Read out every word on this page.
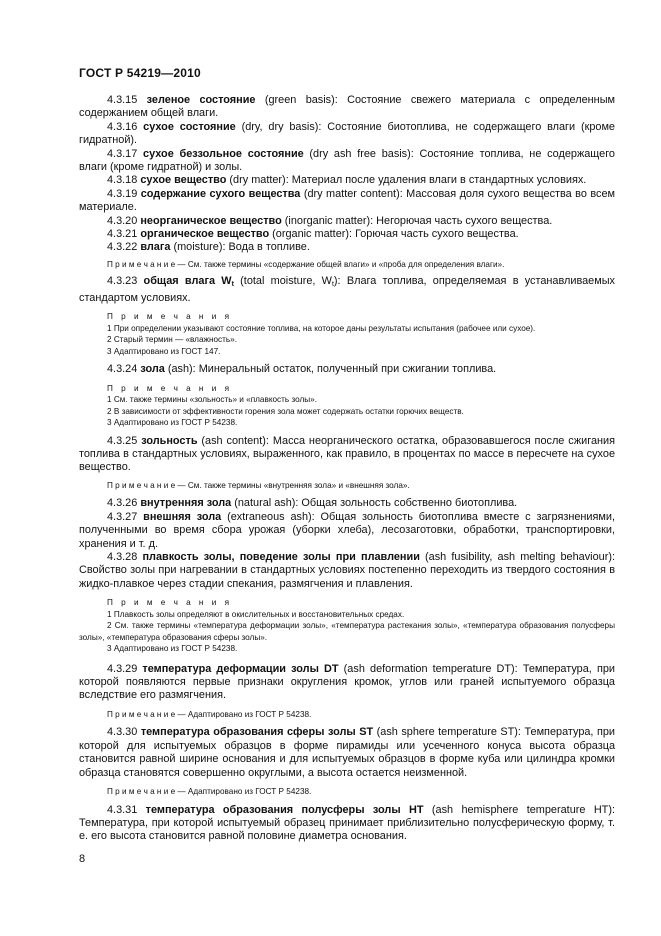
ГОСТ Р 54219—2010

4.3.15 зеленое состояние (green basis): Состояние свежего материала с определенным содержанием общей влаги.

4.3.16 сухое состояние (dry, dry basis): Состояние биотоплива, не содержащего влаги (кроме гидратной).

4.3.17 сухое беззольное состояние (dry ash free basis): Состояние топлива, не содержащего влаги (кроме гидратной) и золы.

4.3.18 сухое вещество (dry matter): Материал после удаления влаги в стандартных условиях.

4.3.19 содержание сухого вещества (dry matter content): Массовая доля сухого вещества во всем материале.

4.3.20 неорганическое вещество (inorganic matter): Негорючая часть сухого вещества.

4.3.21 органическое вещество (organic matter): Горючая часть сухого вещества.

4.3.22 влага (moisture): Вода в топливе.

П р и м е ч а н и е — См. также термины «содержание общей влаги» и «проба для определения влаги».

4.3.23 общая влага $W_t$ (total moisture, $W_t$): Влага топлива, определяемая в устанавливаемых стандартом условиях.

П р и м е ч а н и я
1 При определении указывают состояние топлива, на которое даны результаты испытания (рабочее или сухое).
2 Старый термин — «влажность».
3 Адаптировано из ГОСТ 147.

4.3.24 зола (ash): Минеральный остаток, полученный при сжигании топлива.

П р и м е ч а н и я
1 См. также термины «зольность» и «плавкость золы».
2 В зависимости от эффективности горения зола может содержать остатки горючих веществ.
3 Адаптировано из ГОСТ Р 54238.

4.3.25 зольность (ash content): Масса неорганического остатка, образовавшегося после сжигания топлива в стандартных условиях, выраженного, как правило, в процентах по массе в пересчете на сухое вещество.

П р и м е ч а н и е — См. также термины «внутренняя зола» и «внешняя зола».

4.3.26 внутренняя зола (natural ash): Общая зольность собственно биотоплива.

4.3.27 внешняя зола (extraneous ash): Общая зольность биотоплива вместе с загрязнениями, полученными во время сбора урожая (уборки хлеба), лесозаготовки, обработки, транспортировки, хранения и т. д.

4.3.28 плавкость золы, поведение золы при плавлении (ash fusibility, ash melting behaviour): Свойство золы при нагревании в стандартных условиях постепенно переходить из твердого состояния в жидко-плавкое через стадии спекания, размягчения и плавления.

П р и м е ч а н и я
1 Плавкость золы определяют в окислительных и восстановительных средах.
2 См. также термины «температура деформации золы», «температура растекания золы», «температура образования полусферы золы», «температура образования сферы золы».
3 Адаптировано из ГОСТ Р 54238.

4.3.29 температура деформации золы DT (ash deformation temperature DT): Температура, при которой появляются первые признаки округления кромок, углов или граней испытуемого образца вследствие его размягчения.

П р и м е ч а н и е — Адаптировано из ГОСТ Р 54238.

4.3.30 температура образования сферы золы ST (ash sphere temperature ST): Температура, при которой для испытуемых образцов в форме пирамиды или усеченного конуса высота образца становится равной ширине основания и для испытуемых образцов в форме куба или цилиндра кромки образца становятся совершенно округлыми, а высота остается неизменной.

П р и м е ч а н и е — Адаптировано из ГОСТ Р 54238.

4.3.31 температура образования полусферы золы HT (ash hemisphere temperature HT): Температура, при которой испытуемый образец принимает приблизительно полусферическую форму, т. е. его высота становится равной половине диаметра основания.

8
